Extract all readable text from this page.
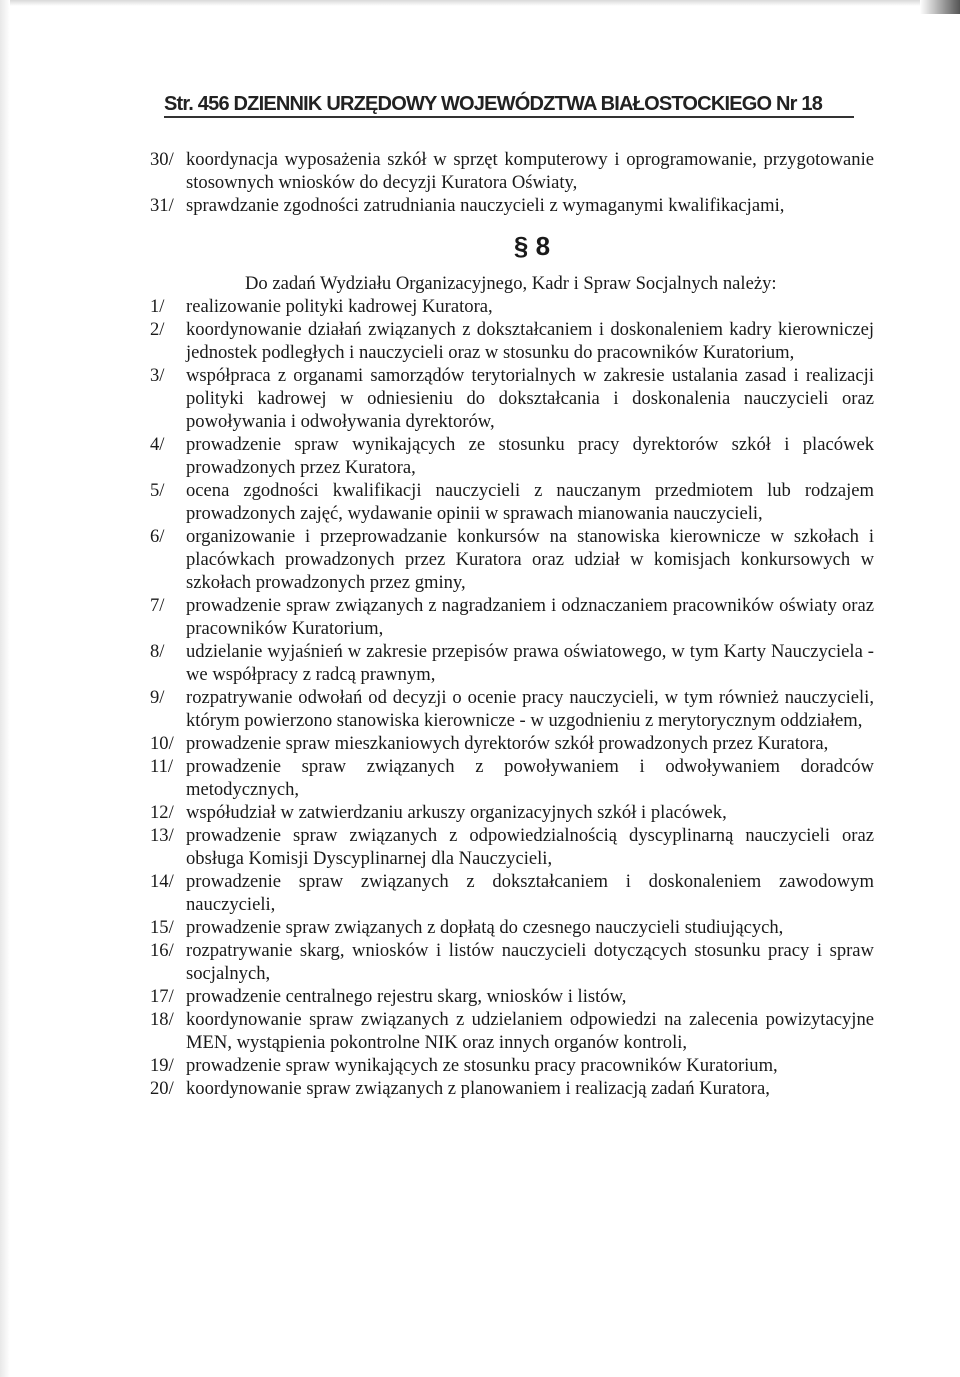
Str. 456 DZIENNIK URZĘDOWY WOJEWÓDZTWA BIAŁOSTOCKIEGO Nr 18
30/ koordynacja wyposażenia szkół w sprzęt komputerowy i oprogramowanie, przygotowanie stosownych wniosków do decyzji Kuratora Oświaty,
31/ sprawdzanie zgodności zatrudniania nauczycieli z wymaganymi kwalifikacjami,
§ 8
Do zadań Wydziału Organizacyjnego, Kadr i Spraw Socjalnych należy:
1/ realizowanie polityki kadrowej Kuratora,
2/ koordynowanie działań związanych z dokształcaniem i doskonaleniem kadry kierowniczej jednostek podległych i nauczycieli oraz w stosunku do pracowników Kuratorium,
3/ współpraca z organami samorządów terytorialnych w zakresie ustalania zasad i realizacji polityki kadrowej w odniesieniu do dokształcania i doskonalenia nauczycieli oraz powoływania i odwoływania dyrektorów,
4/ prowadzenie spraw wynikających ze stosunku pracy dyrektorów szkół i placówek prowadzonych przez Kuratora,
5/ ocena zgodności kwalifikacji nauczycieli z nauczanym przedmiotem lub rodzajem prowadzonych zajęć, wydawanie opinii w sprawach mianowania nauczycieli,
6/ organizowanie i przeprowadzanie konkursów na stanowiska kierownicze w szkołach i placówkach prowadzonych przez Kuratora oraz udział w komisjach konkursowych w szkołach prowadzonych przez gminy,
7/ prowadzenie spraw związanych z nagradzaniem i odznaczaniem pracowników oświaty oraz pracowników Kuratorium,
8/ udzielanie wyjaśnień w zakresie przepisów prawa oświatowego, w tym Karty Nauczyciela - we współpracy z radcą prawnym,
9/ rozpatrywanie odwołań od decyzji o ocenie pracy nauczycieli, w tym również nauczycieli, którym powierzono stanowiska kierownicze - w uzgodnieniu z merytorycznym oddziałem,
10/ prowadzenie spraw mieszkaniowych dyrektorów szkół prowadzonych przez Kuratora,
11/ prowadzenie spraw związanych z powoływaniem i odwoływaniem doradców metodycznych,
12/ współudział w zatwierdzaniu arkuszy organizacyjnych szkół i placówek,
13/ prowadzenie spraw związanych z odpowiedzialnością dyscyplinarną nauczycieli oraz obsługa Komisji Dyscyplinarnej dla Nauczycieli,
14/ prowadzenie spraw związanych z dokształcaniem i doskonaleniem zawodowym nauczycieli,
15/ prowadzenie spraw związanych z dopłatą do czesnego nauczycieli studiujących,
16/ rozpatrywanie skarg, wniosków i listów nauczycieli dotyczących stosunku pracy i spraw socjalnych,
17/ prowadzenie centralnego rejestru skarg, wniosków i listów,
18/ koordynowanie spraw związanych z udzielaniem odpowiedzi na zalecenia powizytacyjne MEN, wystąpienia pokontrolne NIK oraz innych organów kontroli,
19/ prowadzenie spraw wynikających ze stosunku pracy pracowników Kuratorium,
20/ koordynowanie spraw związanych z planowaniem i realizacją zadań Kuratora,
